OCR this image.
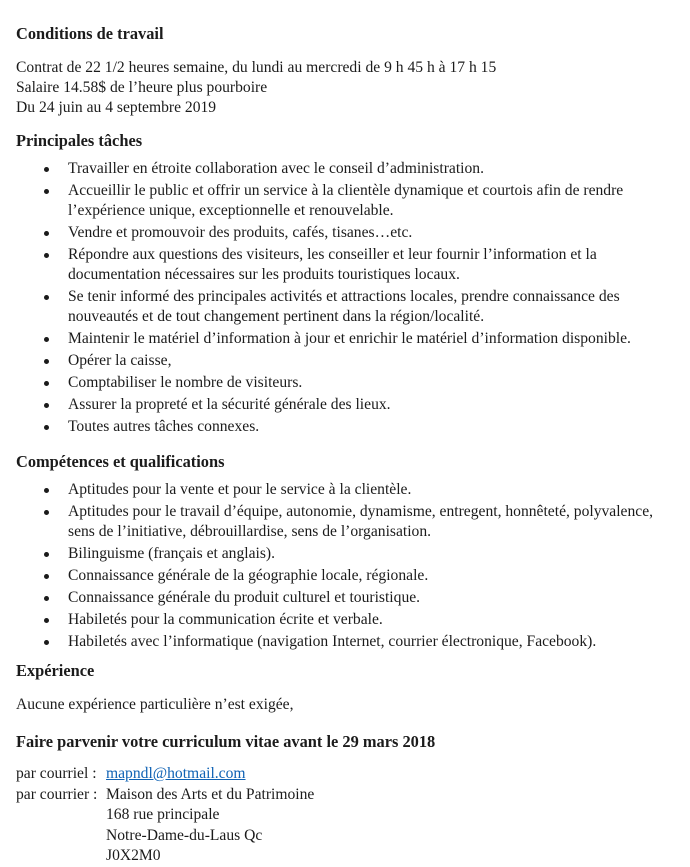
Conditions de travail
Contrat de 22 1/2 heures semaine, du lundi au mercredi de 9 h 45 h à 17 h 15
Salaire 14.58$ de l’heure plus pourboire
Du 24 juin au 4 septembre 2019
Principales tâches
Travailler en étroite collaboration avec le conseil d’administration.
Accueillir le public et offrir un service à la clientèle dynamique et courtois afin de rendre l’expérience unique, exceptionnelle et renouvelable.
Vendre et promouvoir des produits, cafés, tisanes…etc.
Répondre aux questions des visiteurs, les conseiller et leur fournir l’information et la documentation nécessaires sur les produits touristiques locaux.
Se tenir informé des principales activités et attractions locales, prendre connaissance des nouveautés et de tout changement pertinent dans la région/localité.
Maintenir le matériel d’information à jour et enrichir le matériel d’information disponible.
Opérer la caisse,
Comptabiliser le nombre de visiteurs.
Assurer la propreté et la sécurité générale des lieux.
Toutes autres tâches connexes.
Compétences et qualifications
Aptitudes pour la vente et pour le service à la clientèle.
Aptitudes pour le travail d’équipe, autonomie, dynamisme, entregent, honnêteté, polyvalence, sens de l’initiative, débrouillardise, sens de l’organisation.
Bilinguisme (français et anglais).
Connaissance générale de la géographie locale, régionale.
Connaissance générale du produit culturel et touristique.
Habiletés pour la communication écrite et verbale.
Habiletés avec l’informatique (navigation Internet, courrier électronique, Facebook).
Expérience
Aucune expérience particulière n’est exigée,
Faire parvenir votre curriculum vitae avant le 29 mars 2018
par courriel : mapndl@hotmail.com
par courrier : Maison des Arts et du Patrimoine
168 rue principale
Notre-Dame-du-Laus Qc
J0X2M0
